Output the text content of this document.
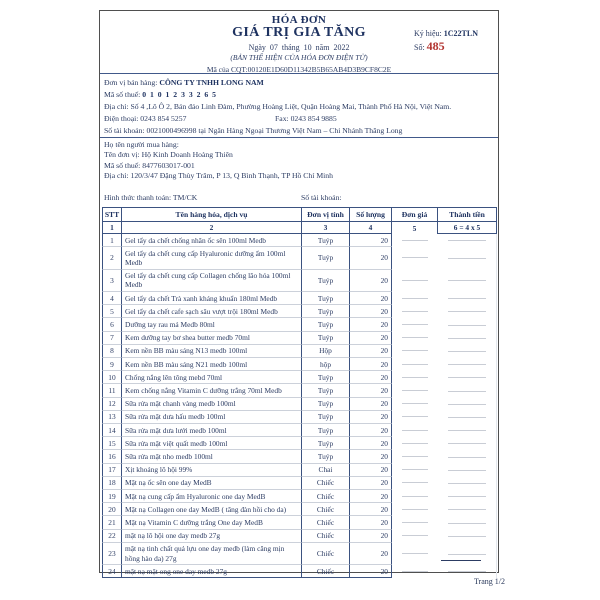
HÓA ĐƠN
GIÁ TRỊ GIA TĂNG
Ngày 07 tháng 10 năm 2022
(BẢN THỂ HIỆN CỦA HÓA ĐƠN ĐIỆN TỬ)
Mã của CQT:00120E1D60D11342B5B65AB4D3B9CF8C2E
Ký hiệu: 1C22TLN
Số: 485
Đơn vị bán hàng: CÔNG TY TNHH LONG NAM
Mã số thuế: 0 1 0 1 2 3 3 2 6 5
Địa chỉ: Số 4 ,Lô Ô 2, Bán đảo Linh Đàm, Phường Hoàng Liệt, Quận Hoàng Mai, Thành Phố Hà Nội, Việt Nam.
Điện thoại: 0243 854 5257	Fax: 0243 854 9885
Số tài khoản: 0021000496998 tại Ngân Hàng Ngoại Thương Việt Nam – Chi Nhánh Thăng Long
Họ tên người mua hàng:
Tên đơn vị: Hộ Kinh Doanh Hoàng Thiên
Mã số thuế: 8477603017-001
Địa chỉ: 120/3/47 Đặng Thùy Trâm, P 13, Q Bình Thạnh, TP Hồ Chí Minh
Hình thức thanh toán: TM/CK	Số tài khoản:
STT	Tên hàng hóa, dịch vụ	Đơn vị tính	Số lượng	Đơn giá	Thành tiền
1	2	3	4	5	6 = 4 x 5
1	Gel tẩy da chết chống nhăn ốc sên 100ml Medb	Tuýp	20	

2	Gel tẩy da chết cung cấp Hyaluronic dưỡng ẩm 100ml Medb	Tuýp	20	

3	Gel tẩy da chết cung cấp Collagen chống lão hóa 100ml Medb	Tuýp	20	

4	Gel tẩy da chết Trà xanh kháng khuẩn 180ml Medb	Tuýp	20	

5	Gel tẩy da chết cafe sạch sâu vượt trội 180ml Medb	Tuýp	20	

6	Dưỡng tay rau má Medb 80ml	Tuýp	20	

7	Kem dưỡng tay bơ shea butter medb 70ml	Tuýp	20	

8	Kem nền BB màu sáng N13 medb 100ml	Hộp	20	

9	Kem nền BB màu sáng N21 medb 100ml	hộp	20	

10	Chống nắng lên tông mebd 70ml	Tuýp	20	

11	Kem chống nắng Vitamin C dưỡng trắng 70ml Medb	Tuýp	20	

12	Sữa rửa mặt chanh vàng medb 100ml	Tuýp	20	

13	Sữa rửa mặt dưa hấu medb 100ml	Tuýp	20	

14	Sữa rửa mặt dưa lưới medb 100ml	Tuýp	20	

15	Sữa rửa mặt việt quất medb 100ml	Tuýp	20	

16	Sữa rửa mặt nho medb 100ml	Tuýp	20	

17	Xịt khoáng lô hội 99%	Chai	20	

18	Mặt nạ ốc sên one day MedB	Chiếc	20	

19	Mặt nạ cung cấp ẩm Hyaluronic one day MedB	Chiếc	20	

20	Mặt nạ Collagen one day MedB ( tăng đàn hồi cho da)	Chiếc	20	

21	Mặt nạ Vitamin C dưỡng trắng One day MedB	Chiếc	20	

22	mặt nạ lô hội one day medb 27g	Chiếc	20	

23	mặt nạ tinh chất quả lựu one day medb (làm căng mịn hồng hào da) 27g	Chiếc	20	

24	mặt nạ mật ong one day medb 27g	Chiếc	20	

Trang 1/2
